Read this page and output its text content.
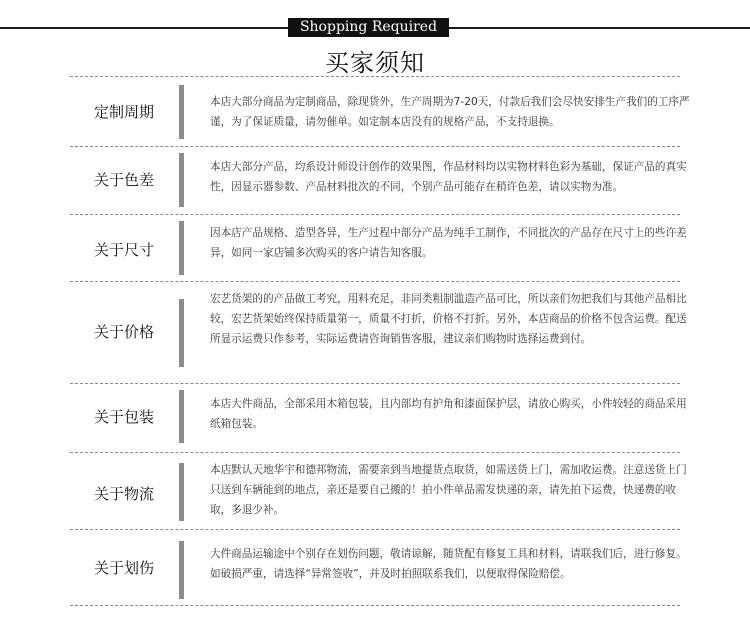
Shopping Required
买家须知
定制周期
本店大部分商品为定制商品，除现货外，生产周期为7-20天，付款后我们会尽快安排生产我们的工序严谨，为了保证质量，请勿催单。如定制本店没有的规格产品，不支持退换。
关于色差
本店大部分产品，均系设计师设计创作的效果图，作品材料均以实物材料色彩为基础，保证产品的真实性，因显示器参数、产品材料批次的不同，个别产品可能存在稍许色差，请以实物为准。
关于尺寸
因本店产品规格、造型各异，生产过程中部分产品为纯手工制作，不同批次的产品存在尺寸上的些许差异，如同一家店铺多次购买的客户请告知客服。
关于价格
宏艺货架的的产品做工考究，用料充足，非同类粗制滥造产品可比，所以亲们勿把我们与其他产品相比较，宏艺货架始终保持质量第一，质量不打折，价格不打折。另外，本店商品的价格不包含运费。配送所显示运费只作参考，实际运费请咨询销售客服，建议亲们购物时选择运费到付。
关于包装
本店大件商品，全部采用木箱包装，且内部均有护角和漆面保护层，请放心购买，小件较轻的商品采用纸箱包装。
关于物流
本店默认天地华宇和德邦物流，需要亲到当地提货点取货，如需送货上门，需加收运费。注意送货上门只送到车辆能到的地点，亲还是要自己搬的！拍小件单品需发快递的亲，请先拍下运费，快递费的收取，多退少补。
关于划伤
大件商品运输途中个别存在划伤问题，敬请谅解，随货配有修复工具和材料，请联我们后，进行修复。如破损严重，请选择“异常签收”，并及时拍照联系我们，以便取得保险赔偿。
